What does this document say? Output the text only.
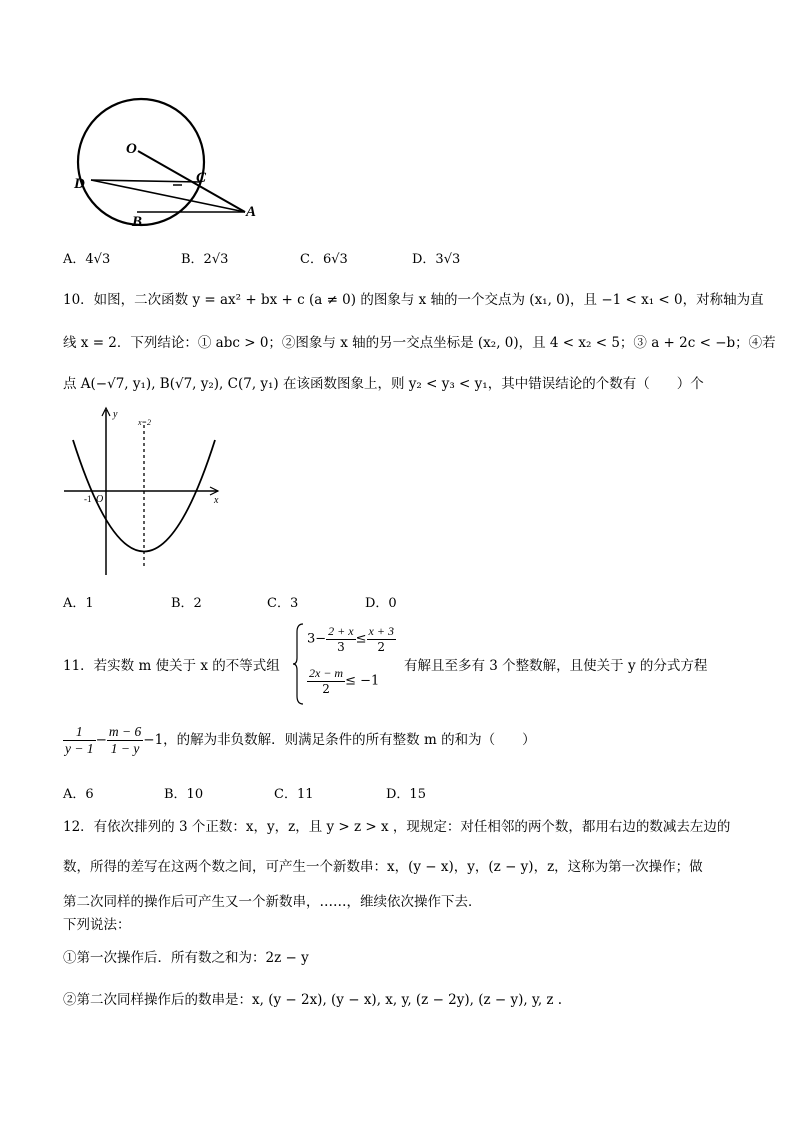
O
C
D
B
A
A．4√3	B．2√3	C．6√3	D．3√3
10．如图，二次函数 y = ax² + bx + c (a ≠ 0) 的图象与 x 轴的一个交点为 (x₁, 0)，且 −1 < x₁ < 0，对称轴为直
线 x = 2．下列结论：① abc > 0；②图象与 x 轴的另一交点坐标是 (x₂, 0)，且 4 < x₂ < 5；③ a + 2c < −b；④若
点 A(−√7, y₁), B(√7, y₂), C(7, y₁) 在该函数图象上，则 y₂ < y₃ < y₁，其中错误结论的个数有（　　）个
y
x
O
-1
x=2
A．1	B．2	C．3	D．0
11．若实数 m 使关于 x 的不等式组
$3- \frac{2 + x}{3} \le \frac{x + 3}{2}$
$\frac{2x - m}{2} \le -1$
有解且至多有 3 个整数解，且使关于 y 的分式方程
$\frac{1}{y - 1} - \frac{m - 6}{1 - y} -1$，的解为非负数解．则满足条件的所有整数 m 的和为（　　）
A．6	B．10	C．11	D．15
12．有依次排列的 3 个正数：x，y，z，且 y > z > x ，现规定：对任相邻的两个数，都用右边的数减去左边的
数，所得的差写在这两个数之间，可产生一个新数串：x，(y − x)，y，(z − y)，z，这称为第一次操作；做
第二次同样的操作后可产生又一个新数串，……，维续依次操作下去．
下列说法：
①第一次操作后．所有数之和为：2z − y
②第二次同样操作后的数串是：x, (y − 2x), (y − x), x, y, (z − 2y), (z − y), y, z .
